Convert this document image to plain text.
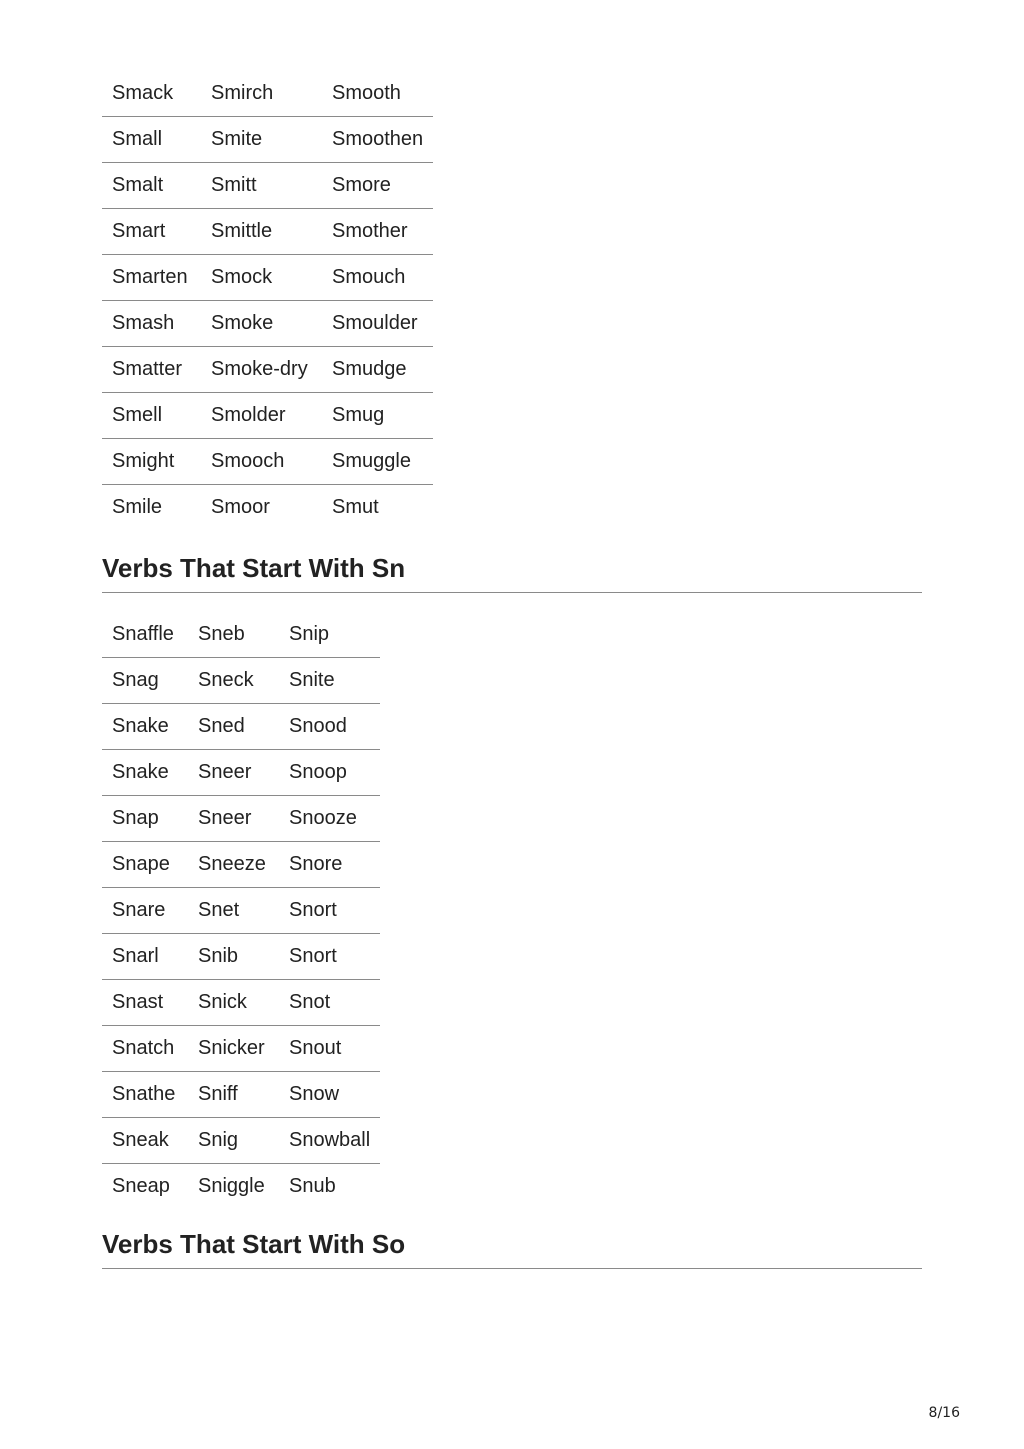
Smack	Smirch	Smooth
Small	Smite	Smoothen
Smalt	Smitt	Smore
Smart	Smittle	Smother
Smarten	Smock	Smouch
Smash	Smoke	Smoulder
Smatter	Smoke-dry	Smudge
Smell	Smolder	Smug
Smight	Smooch	Smuggle
Smile	Smoor	Smut
Verbs That Start With Sn
Snaffle	Sneb	Snip
Snag	Sneck	Snite
Snake	Sned	Snood
Snake	Sneer	Snoop
Snap	Sneer	Snooze
Snape	Sneeze	Snore
Snare	Snet	Snort
Snarl	Snib	Snort
Snast	Snick	Snot
Snatch	Snicker	Snout
Snathe	Sniff	Snow
Sneak	Snig	Snowball
Sneap	Sniggle	Snub
Verbs That Start With So
8/16
